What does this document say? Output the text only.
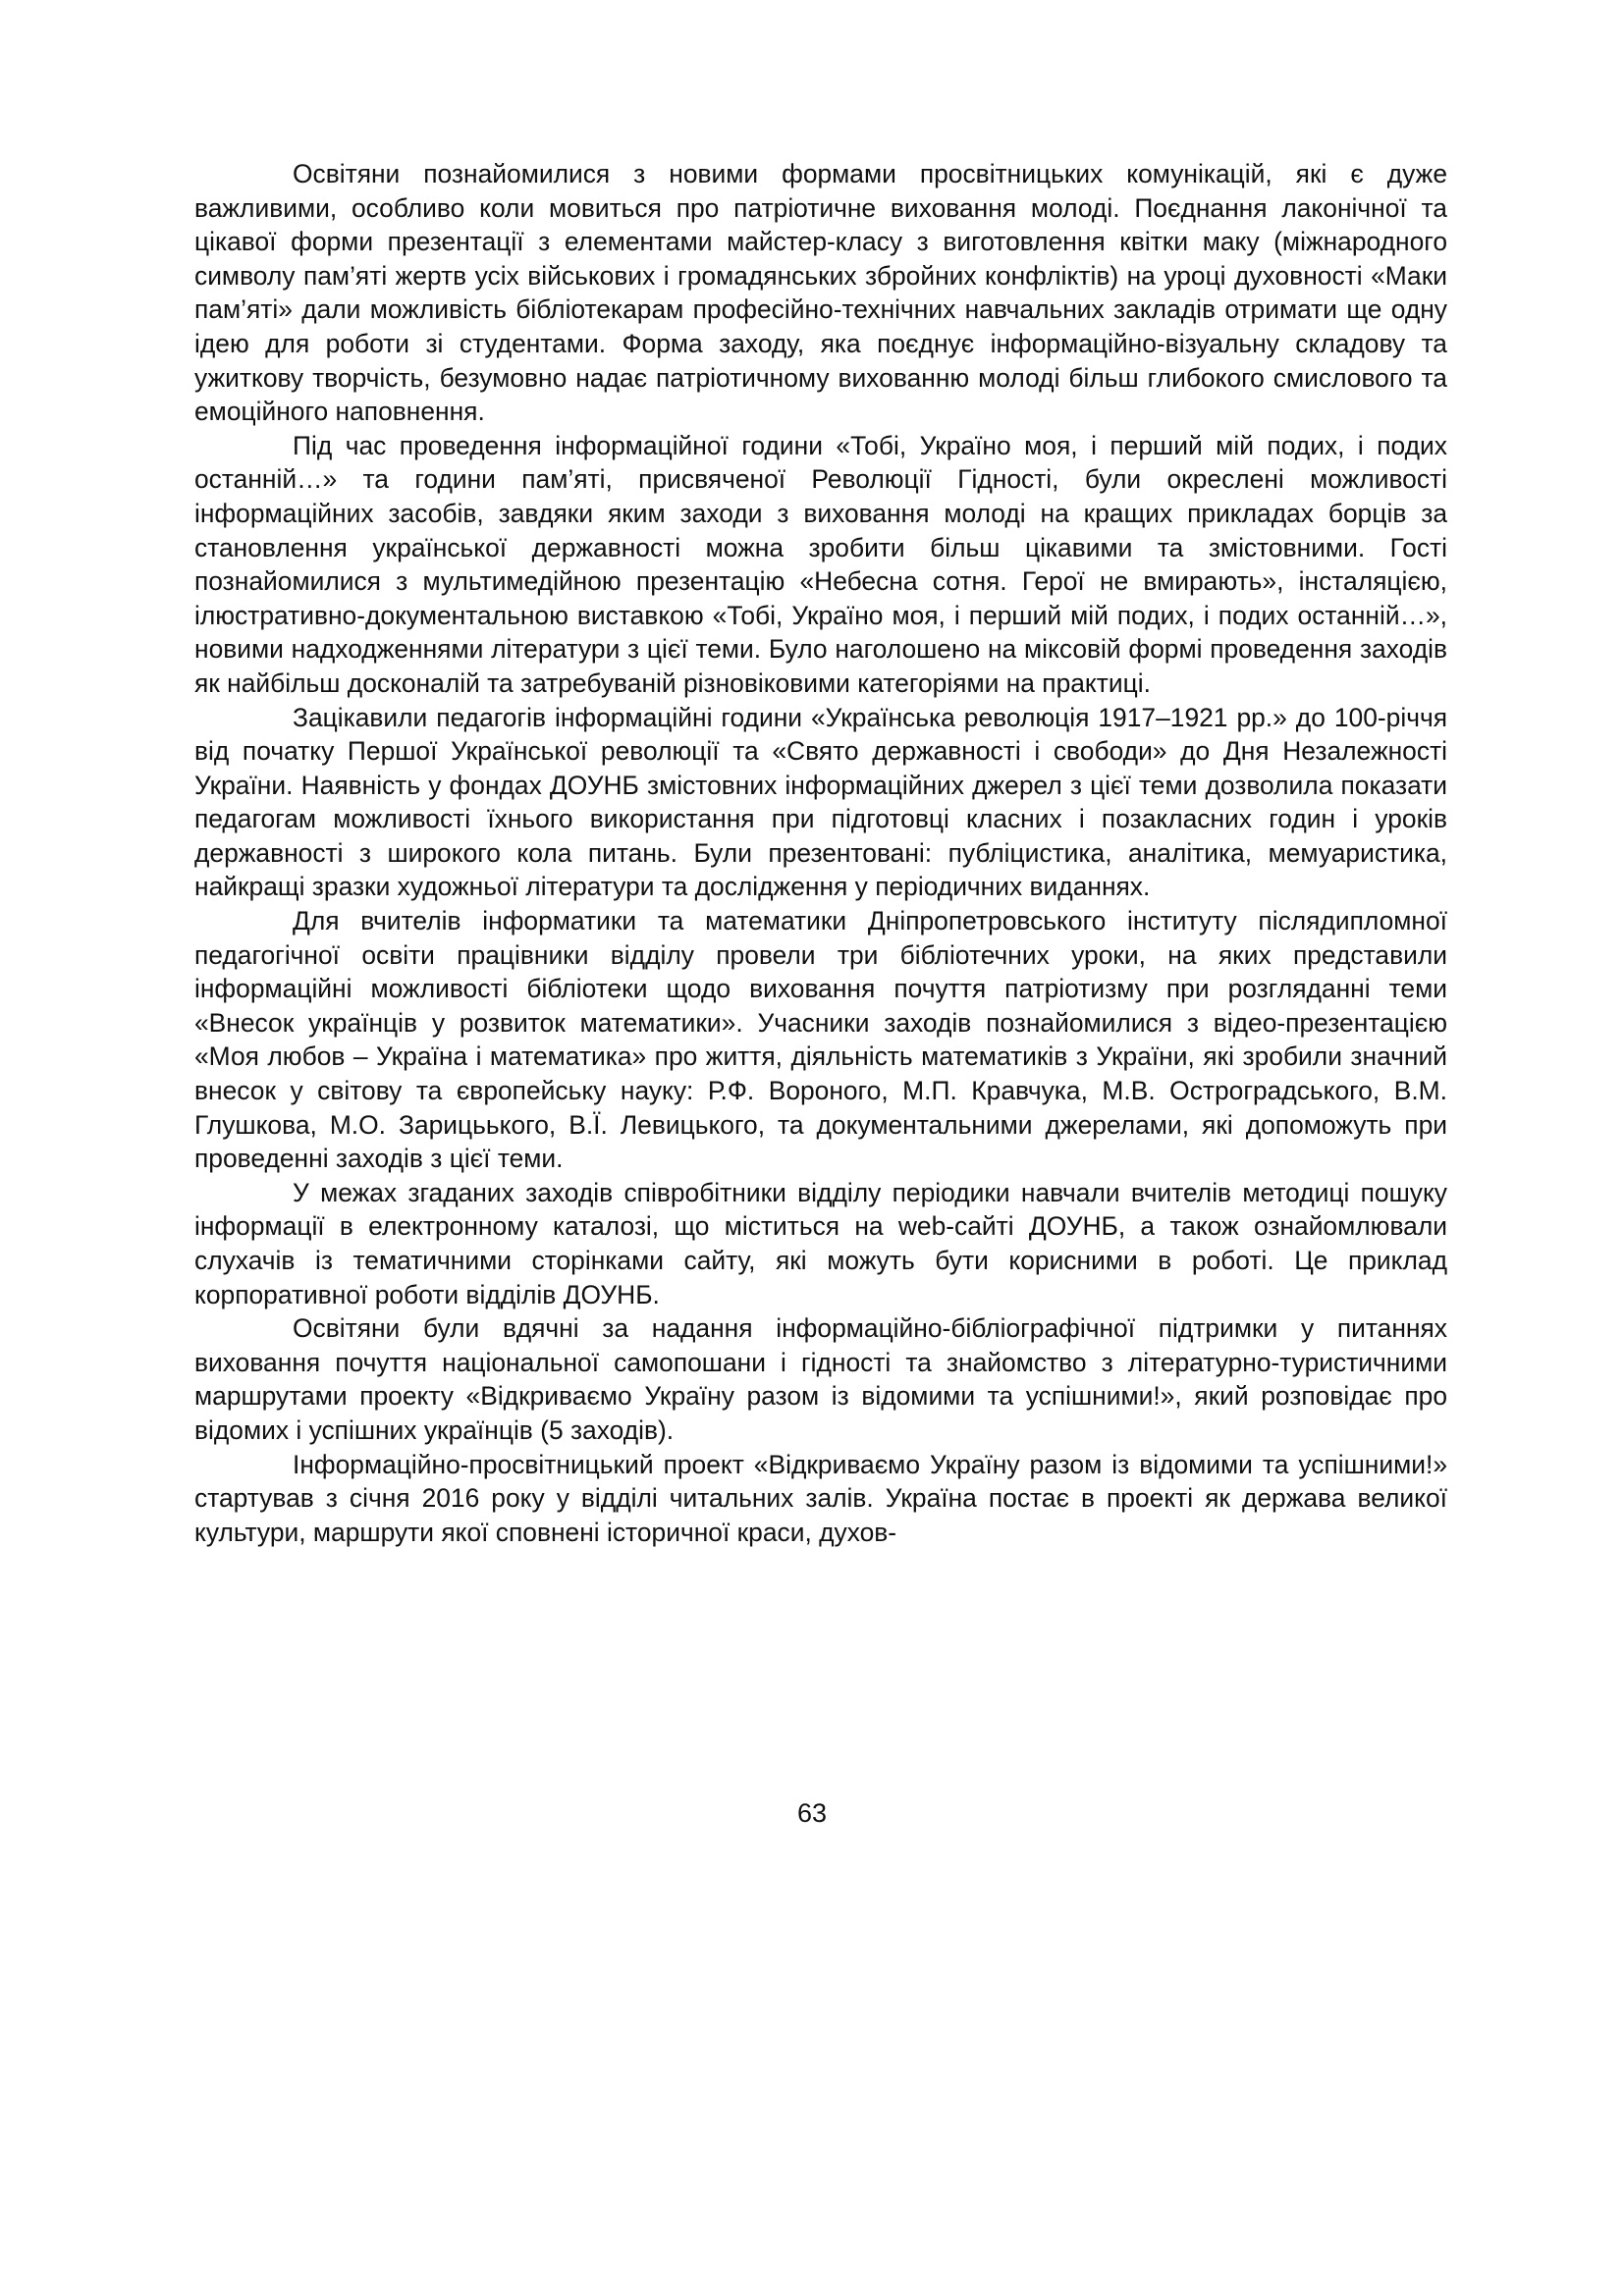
Освітяни познайомилися з новими формами просвітницьких комунікацій, які є дуже важливими, особливо коли мовиться про патріотичне виховання молоді. Поєднання лаконічної та цікавої форми презентації з елементами майстер-класу з виготовлення квітки маку (міжнародного символу пам’яті жертв усіх військових і громадянських збройних конфліктів) на уроці духовності «Маки пам’яті» дали можливість бібліотекарам професійно-технічних навчальних закладів отримати ще одну ідею для роботи зі студентами. Форма заходу, яка поєднує інформаційно-візуальну складову та ужиткову творчість, безумовно надає патріотичному вихованню молоді більш глибокого смислового та емоційного наповнення.

Під час проведення інформаційної години «Тобі, Україно моя, і перший мій подих, і подих останній…» та години пам’яті, присвяченої Революції Гідності, були окреслені можливості інформаційних засобів, завдяки яким заходи з виховання молоді на кращих прикладах борців за становлення української державності можна зробити більш цікавими та змістовними. Гості познайомилися з мультимедійною презентацію «Небесна сотня. Герої не вмирають», інсталяцією, ілюстративно-документальною виставкою «Тобі, Україно моя, і перший мій подих, і подих останній…», новими надходженнями літератури з цієї теми. Було наголошено на міксовій формі проведення заходів як найбільш досконалій та затребуваній різновіковими категоріями на практиці.

Зацікавили педагогів інформаційні години «Українська революція 1917–1921 рр.» до 100-річчя від початку Першої Української революції та «Свято державності і свободи» до Дня Незалежності України. Наявність у фондах ДОУНБ змістовних інформаційних джерел з цієї теми дозволила показати педагогам можливості їхнього використання при підготовці класних і позакласних годин і уроків державності з широкого кола питань. Були презентовані: публіцистика, аналітика, мемуаристика, найкращі зразки художньої літератури та дослідження у періодичних виданнях.

Для вчителів інформатики та математики Дніпропетровського інституту післядипломної педагогічної освіти працівники відділу провели три бібліотечних уроки, на яких представили інформаційні можливості бібліотеки щодо виховання почуття патріотизму при розгляданні теми «Внесок українців у розвиток математики». Учасники заходів познайомилися з відео-презентацією «Моя любов – Україна і математика» про життя, діяльність математиків з України, які зробили значний внесок у світову та європейську науку: Р.Ф. Вороного, М.П. Кравчука, М.В. Остроградського, В.М. Глушкова, М.О. Зарицьького, В.Ї. Левицького, та документальними джерелами, які допоможуть при проведенні заходів з цієї теми.

У межах згаданих заходів співробітники відділу періодики навчали вчителів методиці пошуку інформації в електронному каталозі, що міститься на web-сайті ДОУНБ, а також ознайомлювали слухачів із тематичними сторінками сайту, які можуть бути корисними в роботі. Це приклад корпоративної роботи відділів ДОУНБ.

Освітяни були вдячні за надання інформаційно-бібліографічної підтримки у питаннях виховання почуття національної самопошани і гідності та знайомство з літературно-туристичними маршрутами проекту «Відкриваємо Україну разом із відомими та успішними!», який розповідає про відомих і успішних українців (5 заходів).

Інформаційно-просвітницький проект «Відкриваємо Україну разом із відомими та успішними!» стартував з січня 2016 року у відділі читальних залів. Україна постає в проекті як держава великої культури, маршрути якої сповнені історичної краси, духов-

63
